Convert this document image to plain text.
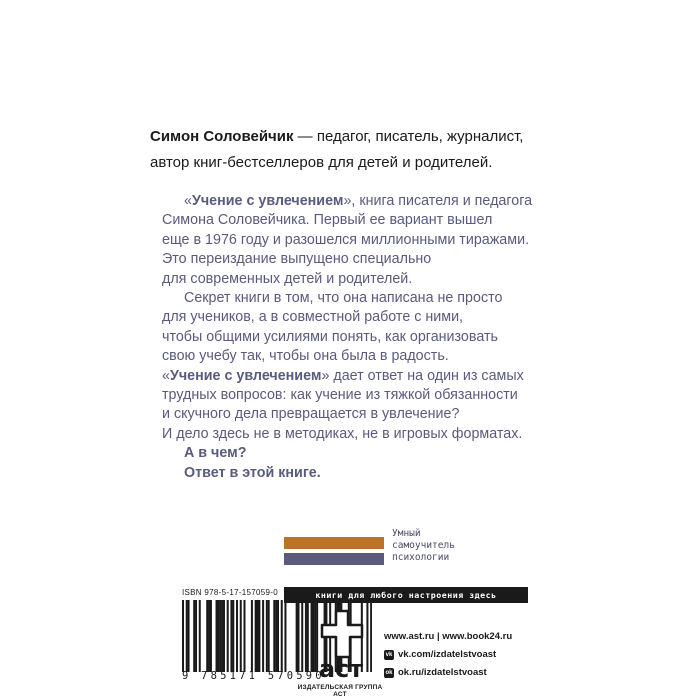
Симон Соловейчик — педагог, писатель, журналист,
автор книг-бестселлеров для детей и родителей.
«Учение с увлечением», книга писателя и педагога
Симона Соловейчика. Первый ее вариант вышел
еще в 1976 году и разошелся миллионными тиражами.
Это переиздание выпущено специально
для современных детей и родителей.
Секрет книги в том, что она написана не просто
для учеников, а в совместной работе с ними,
чтобы общими усилиями понять, как организовать
свою учебу так, чтобы она была в радость.
«Учение с увлечением» дает ответ на один из самых
трудных вопросов: как учение из тяжкой обязанности
и скучного дела превращается в увлечение?
И дело здесь не в методиках, не в игровых форматах.
А в чем?
Ответ в этой книге.
Умный
самоучитель
психологии
ISBN 978-5-17-157059-0
9 785171 570590
книги для любого настроения здесь
аст
ИЗДАТЕЛЬСКАЯ ГРУППА АСТ
www.ast.ru | www.book24.ru
vk vk.com/izdatelstvoast
ok ok.ru/izdatelstvoast
